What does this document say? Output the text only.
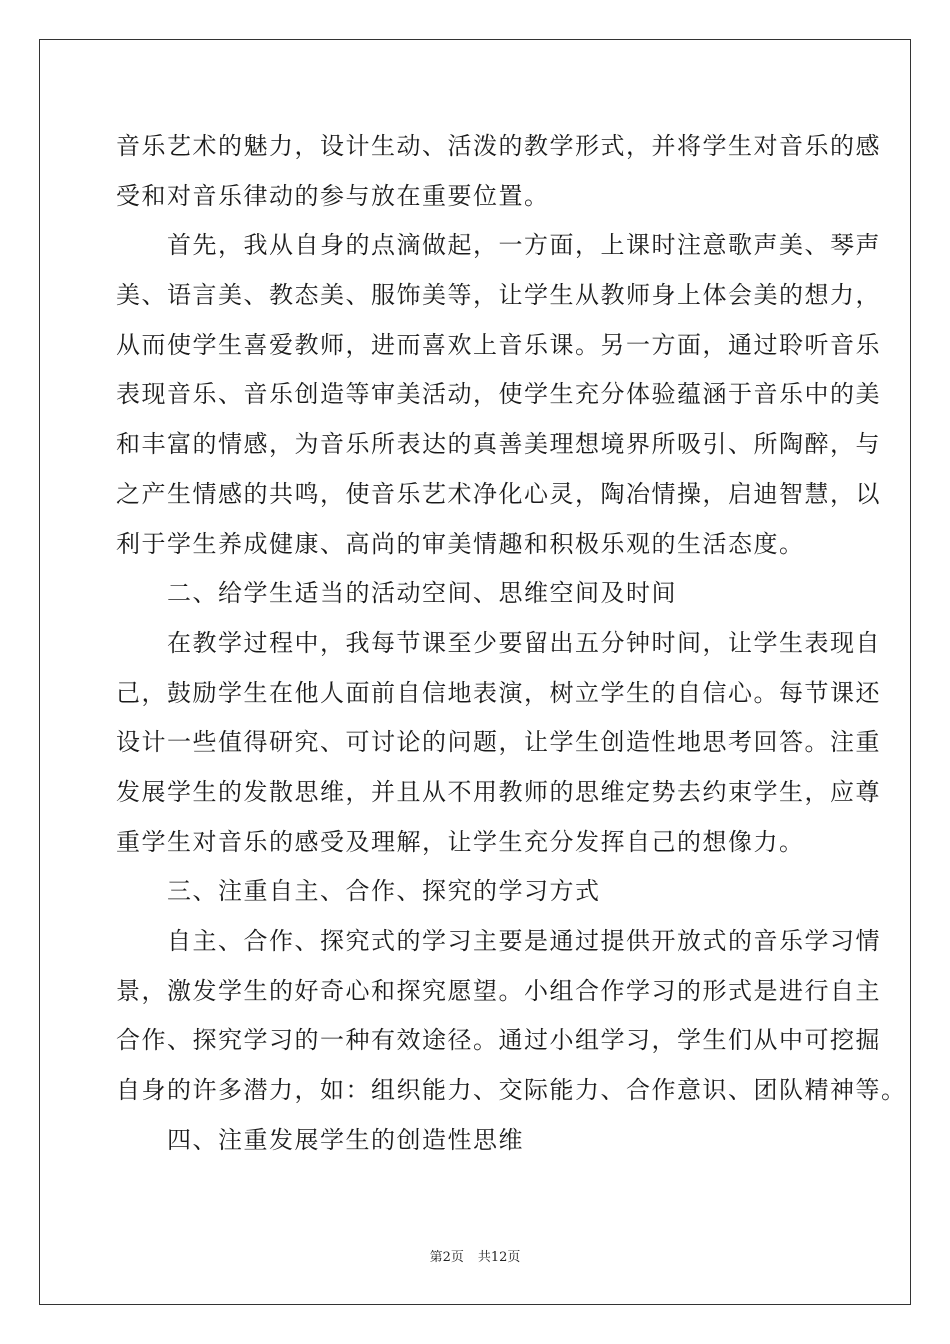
音乐艺术的魅力，设计生动、活泼的教学形式，并将学生对音乐的感
受和对音乐律动的参与放在重要位置。
首先，我从自身的点滴做起，一方面，上课时注意歌声美、琴声
美、语言美、教态美、服饰美等，让学生从教师身上体会美的想力，
从而使学生喜爱教师，进而喜欢上音乐课。另一方面，通过聆听音乐
表现音乐、音乐创造等审美活动，使学生充分体验蕴涵于音乐中的美
和丰富的情感，为音乐所表达的真善美理想境界所吸引、所陶醉，与
之产生情感的共鸣，使音乐艺术净化心灵，陶冶情操，启迪智慧，以
利于学生养成健康、高尚的审美情趣和积极乐观的生活态度。
二、给学生适当的活动空间、思维空间及时间
在教学过程中，我每节课至少要留出五分钟时间，让学生表现自
己，鼓励学生在他人面前自信地表演，树立学生的自信心。每节课还
设计一些值得研究、可讨论的问题，让学生创造性地思考回答。注重
发展学生的发散思维，并且从不用教师的思维定势去约束学生，应尊
重学生对音乐的感受及理解，让学生充分发挥自己的想像力。
三、注重自主、合作、探究的学习方式
自主、合作、探究式的学习主要是通过提供开放式的音乐学习情
景，激发学生的好奇心和探究愿望。小组合作学习的形式是进行自主
合作、探究学习的一种有效途径。通过小组学习，学生们从中可挖掘
自身的许多潜力，如：组织能力、交际能力、合作意识、团队精神等。
四、注重发展学生的创造性思维
第2页 共12页
